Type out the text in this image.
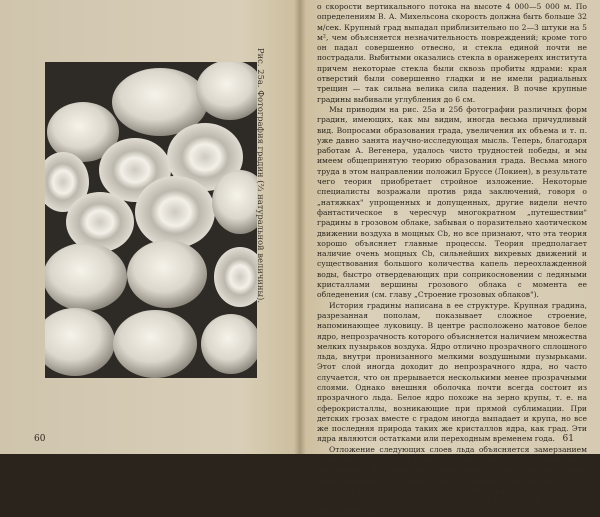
Рис. 25а. Фотография градин (⅔ натуральной величины).
60

о скорости вертикального потока на высоте 4 000—5 000 м. По определениям В. А. Михельсона скорость должна быть больше 32 м/сек. Крупный град выпадал приблизительно по 2—3 штуки на 5 м², чем объясняется незначительность повреждений; кроме того он падал совершенно отвесно, и стекла единой почти не пострадали. Выбитыми оказались стекла в оранжереях института причем некоторые стекла были сквозь пробиты ядрами: края отверстий были совершенно гладки и не имели радиальных трещин — так сильна велика сила падения. В почве крупные градины выбивали углубления до 6 см.

Мы приводим на рис. 25а и 25б фотографии различных форм градин, имеющих, как мы видим, иногда весьма причудливый вид. Вопросами образования града, увеличения их объема и т. п. уже давно занята научно-исследующая мысль. Теперь, благодаря работам А. Вегенера, удалось чисто трудностей победы, и мы имеем общепринятую теорию образования града. Весьма много труда в этом направлении положил Бруссе (Локиен), в результате чего теория приобретает стройное изложение. Некоторые специалисты возражали против ряда заключений, говоря о „натяжках" упрощенных и допущенных, другие видели нечто фантастическое в чересчур многократном „путешествии" градины в грозовом облаке, забывая о поразительно хаотическом движении воздуха в мощных Cb, но все признают, что эта теория хорошо объясняет главные процессы. Теория предполагает наличие очень мощных Cb, сильнейших вихревых движений и существования большого количества капель переохлажденной воды, быстро отвердевающих при соприкосновении с ледяными кристаллами вершины грозового облака с момента ее обледенения (см. главу „Строение грозовых облаков").

История градины написана в ее структуре. Крупная градина, разрезанная пополам, показывает сложное строение, напоминающее луковицу. В центре расположено матовое белое ядро, непрозрачность которого объясняется наличием множества мелких пузырьков воздуха. Ядро отлично прозрачного сплошного льда, внутри пронизанного мелкими воздушными пузырьками. Этот слой иногда доходит до непрозрачного ядра, но часто случается, что он прерывается несколькими менее прозрачными слоями. Однако внешняя оболочка почти всегда состоит из прозрачного льда. Белое ядро похоже на зерно крупы, т. е. на сферокристаллы, возникающие при прямой сублимации. При детских грозах вместе с градом иногда выпадает и крупа, но все же последняя природа таких же кристаллов ядра, как град. Эти ядра являются остатками или переходным временем года.

Отложение следующих слоев льда объясняется замерзанием воды вокруг ядра, а степень их прозрачности обусловливается различием в скорости замерзания: чем быстрее идет замораживание, тем белее и непрозрачнее будет получающийся лед. Скорость замерзания зависит от температуры воды. Принято считать, что замерзание происходит при 0°, но в свободной атмосфере это

61
